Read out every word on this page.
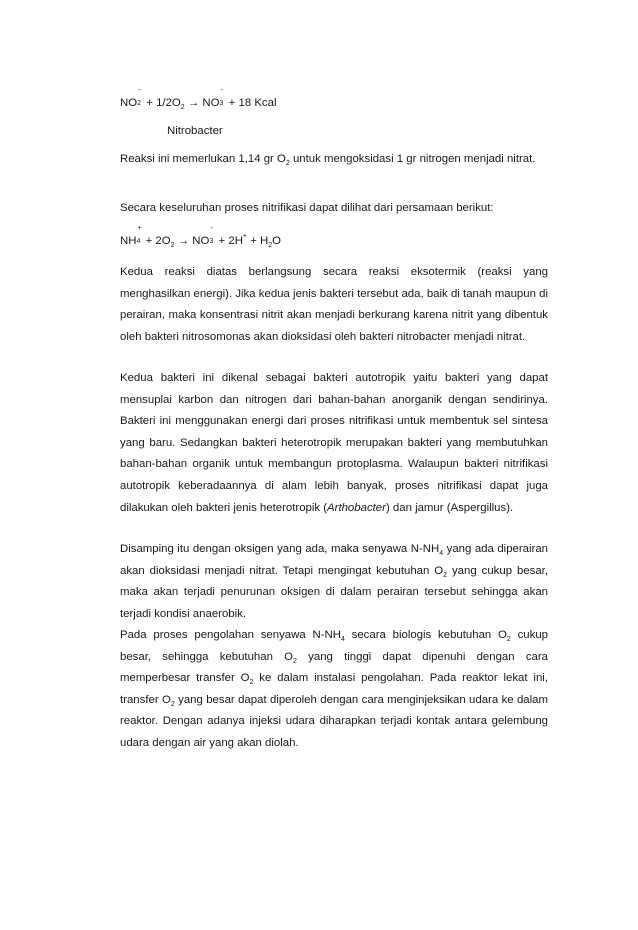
NO
-
$2 + 1/2O_2$ → NO
-
3 + 18 Kcal
Nitrobacter

Reaksi ini memerlukan 1,14 gr $O_2$ untuk mengoksidasi 1 gr nitrogen menjadi nitrat.

Secara keseluruhan proses nitrifikasi dapat dilihat dari persamaan berikut:

NH
+
$4 + 2O_2$ → NO
-
$3 + 2H^+ + H_2O$

Kedua reaksi diatas berlangsung secara reaksi eksotermik (reaksi yang menghasilkan energi). Jika kedua jenis bakteri tersebut ada, baik di tanah maupun di perairan, maka konsentrasi nitrit akan menjadi berkurang karena nitrit yang dibentuk oleh bakteri nitrosomonas akan dioksidasi oleh bakteri nitrobacter menjadi nitrat.

Kedua bakteri ini dikenal sebagai bakteri autotropik yaitu bakteri yang dapat mensuplai karbon dan nitrogen dari bahan-bahan anorganik dengan sendirinya. Bakteri ini menggunakan energi dari proses nitrifikasi untuk membentuk sel sintesa yang baru. Sedangkan bakteri heterotropik merupakan bakteri yang membutuhkan bahan-bahan organik untuk membangun protoplasma. Walaupun bakteri nitrifikasi autotropik keberadaannya di alam lebih banyak, proses nitrifikasi dapat juga dilakukan oleh bakteri jenis heterotropik (Arthobacter) dan jamur (Aspergillus).

Disamping itu dengan oksigen yang ada, maka senyawa $N-NH_4$ yang ada diperairan akan dioksidasi menjadi nitrat. Tetapi mengingat kebutuhan $O_2$ yang cukup besar, maka akan terjadi penurunan oksigen di dalam perairan tersebut sehingga akan terjadi kondisi anaerobik.

Pada proses pengolahan senyawa $N-NH_4$ secara biologis kebutuhan $O_2$ cukup besar, sehingga kebutuhan $O_2$ yang tinggi dapat dipenuhi dengan cara memperbesar transfer $O_2$ ke dalam instalasi pengolahan. Pada reaktor lekat ini, transfer $O_2$ yang besar dapat diperoleh dengan cara menginjeksikan udara ke dalam reaktor. Dengan adanya injeksi udara diharapkan terjadi kontak antara gelembung udara dengan air yang akan diolah.
